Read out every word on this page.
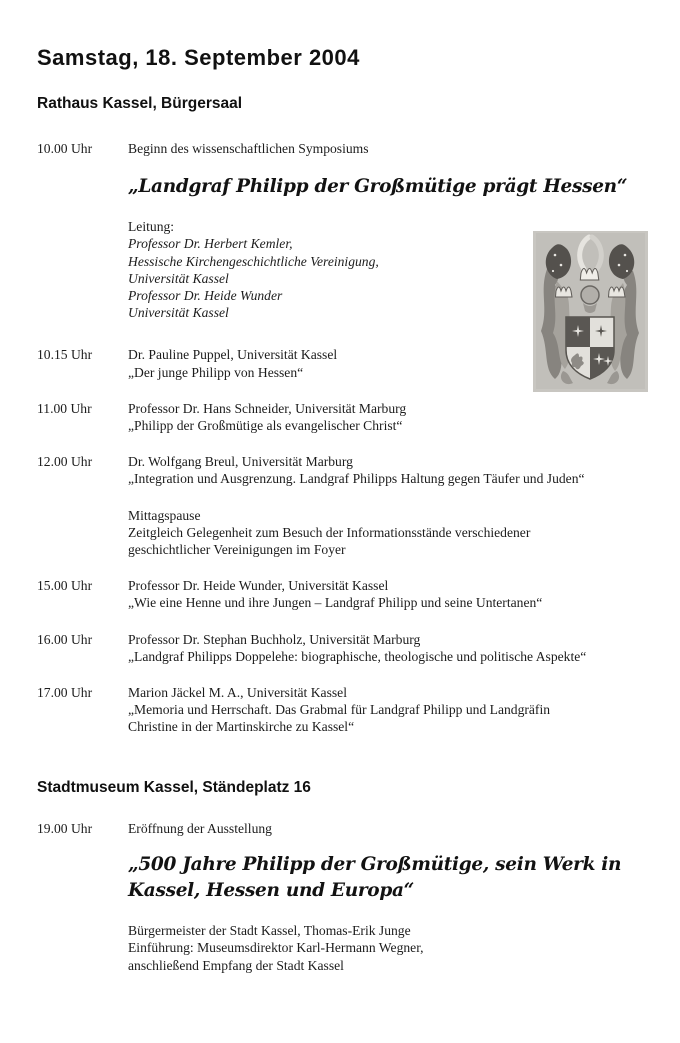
Samstag, 18. September 2004
Rathaus Kassel, Bürgersaal
10.00 Uhr	Beginn des wissenschaftlichen Symposiums
„Landgraf Philipp der Großmütige prägt Hessen“
Leitung:
Professor Dr. Herbert Kemler,
Hessische Kirchengeschichtliche Vereinigung,
Universität Kassel
Professor Dr. Heide Wunder
Universität Kassel
10.15 Uhr	Dr. Pauline Puppel, Universität Kassel
„Der junge Philipp von Hessen“
11.00 Uhr	Professor Dr. Hans Schneider, Universität Marburg
„Philipp der Großmütige als evangelischer Christ“
12.00 Uhr	Dr. Wolfgang Breul, Universität Marburg
„Integration und Ausgrenzung. Landgraf Philipps Haltung gegen Täufer und Juden“
Mittagspause
Zeitgleich Gelegenheit zum Besuch der Informationsstände verschiedener geschichtlicher Vereinigungen im Foyer
15.00 Uhr	Professor Dr. Heide Wunder, Universität Kassel
„Wie eine Henne und ihre Jungen – Landgraf Philipp und seine Untertanen“
16.00 Uhr	Professor Dr. Stephan Buchholz, Universität Marburg
„Landgraf Philipps Doppelehe: biographische, theologische und politische Aspekte“
17.00 Uhr	Marion Jäckel M. A., Universität Kassel
„Memoria und Herrschaft. Das Grabmal für Landgraf Philipp und Landgräfin Christine in der Martinskirche zu Kassel“
Stadtmuseum Kassel, Ständeplatz 16
19.00 Uhr	Eröffnung der Ausstellung
„500 Jahre Philipp der Großmütige, sein Werk in Kassel, Hessen und Europa“
Bürgermeister der Stadt Kassel, Thomas-Erik Junge
Einführung: Museumsdirektor Karl-Hermann Wegner,
anschließend Empfang der Stadt Kassel
